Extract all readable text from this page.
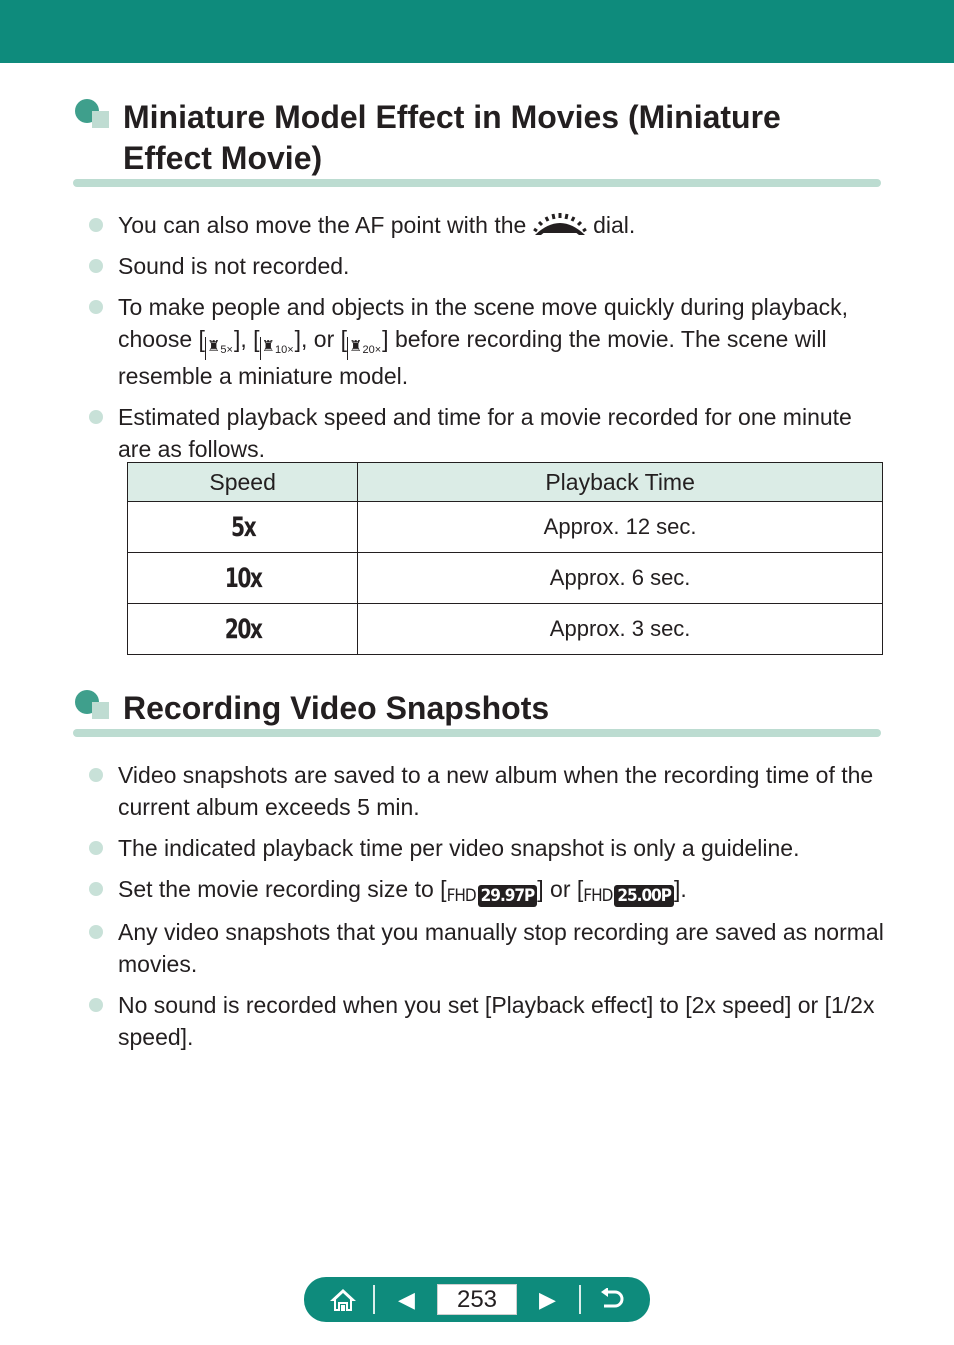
Miniature Model Effect in Movies (Miniature
Effect Movie)
You can also move the AF point with the	dial.
Sound is not recorded.
To make people and objects in the scene move quickly during playback, choose [ $♜_{5\times}$], [ $♜_{10\times}$], or [ $♜_{20\times}$] before recording the movie. The scene will resemble a miniature model.
Estimated playback speed and time for a movie recorded for one minute are as follows.
Speed	Playback Time
5x	Approx. 12 sec.
10x	Approx. 6 sec.
20x	Approx. 3 sec.
Recording Video Snapshots
Video snapshots are saved to a new album when the recording time of the current album exceeds 5 min.
The indicated playback time per video snapshot is only a guideline.
Set the movie recording size to [FHD 29.97P ] or [FHD 25.00P ].
Any video snapshots that you manually stop recording are saved as normal movies.
No sound is recorded when you set [Playback effect] to [2x speed] or [1/2x speed].
◀	253	▶
